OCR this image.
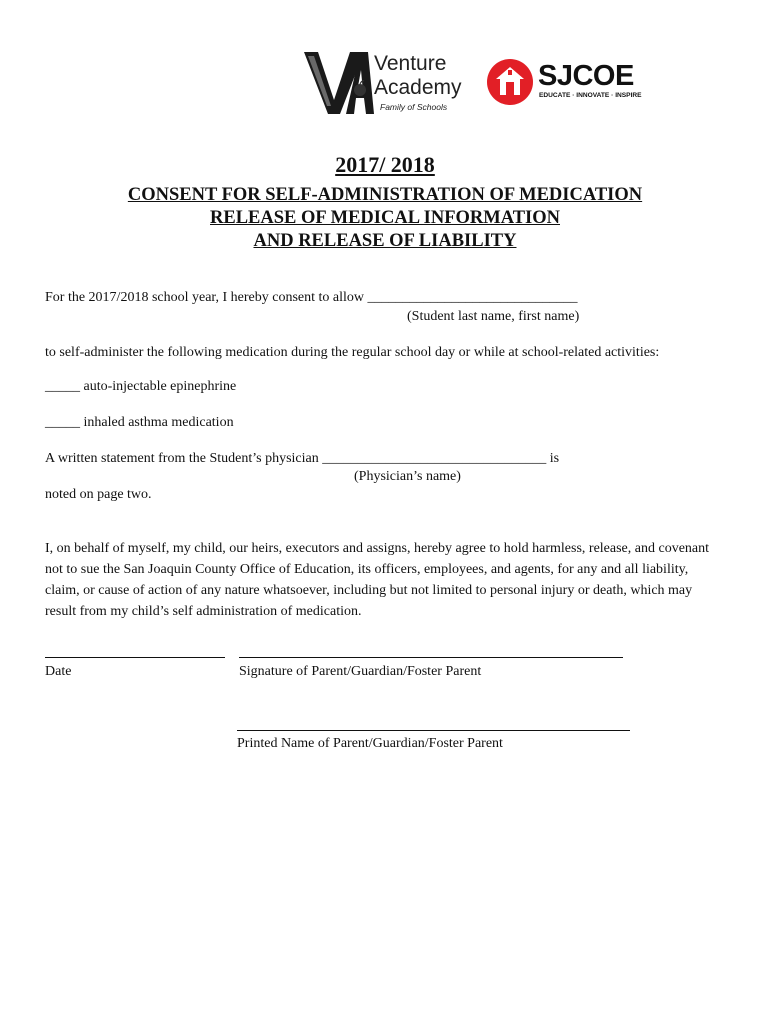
Venture
Academy
Family of Schools
SJCOE
EDUCATE · INNOVATE · INSPIRE
2017/ 2018
CONSENT FOR SELF-ADMINISTRATION OF MEDICATION
RELEASE OF MEDICAL INFORMATION
AND RELEASE OF LIABILITY
For the 2017/2018 school year, I hereby consent to allow ______________________________
(Student last name, first name)
to self-administer the following medication during the regular school day or while at school-related activities:
_____ auto-injectable epinephrine
_____ inhaled asthma medication
A written statement from the Student’s physician ________________________________ is
(Physician’s name)
noted on page two.
I, on behalf of myself, my child, our heirs, executors and assigns, hereby agree to hold harmless, release, and covenant not to sue the San Joaquin County Office of Education, its officers, employees, and agents, for any and all liability, claim, or cause of action of any nature whatsoever, including but not limited to personal injury or death, which may result from my child’s self administration of medication.
Date	Signature of Parent/Guardian/Foster Parent
Printed Name of Parent/Guardian/Foster Parent
